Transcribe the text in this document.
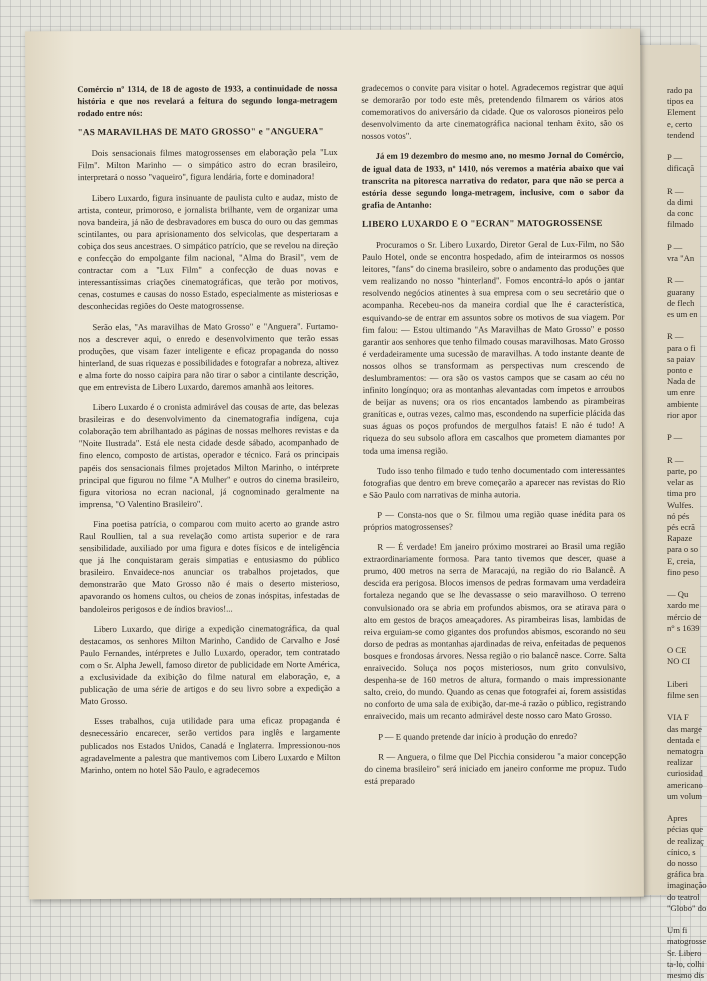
rado pa
tipos ea
Element
e, certo
tendend

P —
dificaçã

R —
da dimi
da conc
filmado

P —
vra "An

R —
guarany
de flech
es um en

R —
para o fi
sa paiav
ponto e
Nada de
um enre
ambiente
rior apor

P —

R —
parte, po
velar as
tima pro
Wulfes.
nó pés
pés ecrã
Rapaze
para o so
E, creia,
fino peso

— Qu
xardo me
mércio de
n° s 1639

O CE
NO CI

Liberi
filme sen

VIA F
das marge
dentada e
nematogra
realizar
curiosidad
americano
um volum

Apres
pécias que
de realizaç
cínico, s
do nosso
gráfica bra
imaginação
do teatrol
"Globo" do

Um fi
matogrosse
Sr. Libero
ta-lo, colhi
mesmo dis

Comércio nº 1314, de 18 de agosto de 1933, a continuidade de nossa história e que nos revelará a feitura do segundo longa-metragem rodado entre nós:

"AS MARAVILHAS DE MATO GROSSO" e "ANGUERA"

Dois sensacionais filmes matogrossenses em elaboração pela "Lux Film". Milton Marinho — o simpático astro do ecran brasileiro, interpretará o nosso "vaqueiro", figura lendária, forte e dominadora!

Libero Luxardo, figura insinuante de paulista culto e audaz, misto de artista, conteur, primoroso, e jornalista brilhante, vem de organizar uma nova bandeira, já não de desbravadores em busca do ouro ou das gemmas scintilantes, ou para aprisionamento dos selvicolas, que despertaram a cobiça dos seus ancestraes. O simpático patrício, que se revelou na direção e confecção do empolgante film nacional, "Alma do Brasil", vem de contractar com a "Lux Film" a confecção de duas novas e interessantíssimas criações cinematográficas, que terão por motivos, cenas, costumes e causas do nosso Estado, especialmente as misteriosas e desconhecidas regiões do Oeste matogrossense.

Serão elas, "As maravilhas de Mato Grosso" e "Anguera". Furtamo-nos a descrever aqui, o enredo e desenvolvimento que terão essas produções, que visam fazer inteligente e eficaz propaganda do nosso hinterland, de suas riquezas e possibilidades e fotografar a nobreza, altivez e alma forte do nosso caipira para não tirar o sabor a cintilante descrição, que em entrevista de Libero Luxardo, daremos amanhã aos leitores.

Libero Luxardo é o cronista admirável das cousas de arte, das belezas brasileiras e do desenvolvimento da cinematografia indígena, cuja colaboração tem abrilhantado as páginas de nossas melhores revistas e da "Noite Ilustrada". Está ele nesta cidade desde sábado, acompanhado de fino elenco, composto de artistas, operador e técnico. Fará os principais papéis dos sensacionais filmes projetados Milton Marinho, o intérprete principal que figurou no filme "A Mulher" e outros do cinema brasileiro, figura vitoriosa no ecran nacional, já cognominado geralmente na imprensa, "O Valentino Brasileiro".

Fina poetisa patrícia, o comparou com muito acerto ao grande astro Raul Roullien, tal a sua revelação como artista superior e de rara sensibilidade, auxiliado por uma figura e dotes físicos e de inteligência que já lhe conquistaram gerais simpatias e entusiasmo do público brasileiro. Envaidece-nos anunciar os trabalhos projetados, que demonstrarão que Mato Grosso não é mais o deserto misterioso, apavorando os homens cultos, ou cheios de zonas inóspitas, infestadas de bandoleiros perigosos e de índios bravios!...

Libero Luxardo, que dirige a expedição cinematográfica, da qual destacamos, os senhores Milton Marinho, Candido de Carvalho e José Paulo Fernandes, intérpretes e Jullo Luxardo, operador, tem contratado com o Sr. Alpha Jewell, famoso diretor de publicidade em Norte América, a exclusividade da exibição do filme natural em elaboração, e, a publicação de uma série de artigos e do seu livro sobre a expedição a Mato Grosso.

Esses trabalhos, cuja utilidade para uma eficaz propaganda é desnecessário encarecer, serão vertidos para inglês e largamente publicados nos Estados Unidos, Canadá e Inglaterra. Impressionou-nos agradavelmente a palestra que mantivemos com Libero Luxardo e Milton Marinho, ontem no hotel São Paulo, e agradecemos

gradecemos o convite para visitar o hotel. Agradecemos registrar que aqui se demorarão por todo este mês, pretendendo filmarem os vários atos comemorativos do aniversário da cidade. Que os valorosos pioneiros pelo desenvolvimento da arte cinematográfica nacional tenham êxito, são os nossos votos".

Já em 19 dezembro do mesmo ano, no mesmo Jornal do Comércio, de igual data de 1933, nº 1410, nós veremos a matéria abaixo que vai transcrita na pitoresca narrativa do redator, para que não se perca a estória desse segundo longa-metragem, inclusive, com o sabor da grafia de Antanho:

LIBERO LUXARDO E O "ECRAN" MATOGROSSENSE

Procuramos o Sr. Libero Luxardo, Diretor Geral de Lux-Film, no São Paulo Hotel, onde se encontra hospedado, afim de inteirarmos os nossos leitores, "fans" do cinema brasileiro, sobre o andamento das produções que vem realizando no nosso "hinterland". Fomos encontrá-lo após o jantar resolvendo negócios atinentes à sua empresa com o seu secretário que o acompanha. Recebeu-nos da maneira cordial que lhe é característica, esquivando-se de entrar em assuntos sobre os motivos de sua viagem. Por fim falou: — Estou ultimando "As Maravilhas de Mato Grosso" e posso garantir aos senhores que tenho filmado cousas maravilhosas. Mato Grosso é verdadeiramente uma sucessão de maravilhas. A todo instante deante de nossos olhos se transformam as perspectivas num crescendo de deslumbramentos: — ora são os vastos campos que se casam ao céu no infinito longínquo; ora as montanhas alevantadas com ímpetos e arroubos de beijar as nuvens; ora os rios encantados lambendo as pirambeiras graníticas e, outras vezes, calmo mas, escondendo na superfície plácida das suas águas os poços profundos de mergulhos fatais! E não é tudo! A riqueza do seu subsolo aflora em cascalhos que prometem diamantes por toda uma imensa região.

Tudo isso tenho filmado e tudo tenho documentado com interessantes fotografias que dentro em breve começarão a aparecer nas revistas do Rio e São Paulo com narrativas de minha autoria.

P — Consta-nos que o Sr. filmou uma região quase inédita para os próprios matogrossenses?

R — É verdade! Em janeiro próximo mostrarei ao Brasil uma região extraordinariamente formosa. Para tanto tivemos que descer, quase a prumo, 400 metros na serra de Maracajú, na região do rio Balancê. A descida era perigosa. Blocos imensos de pedras formavam uma verdadeira fortaleza negando que se lhe devassasse o seio maravilhoso. O terreno convulsionado ora se abria em profundos abismos, ora se atirava para o alto em gestos de braços ameaçadores. As pirambeiras lisas, lambidas de reiva erguiam-se como gigantes dos profundos abismos, escorando no seu dorso de pedras as montanhas ajardinadas de reiva, enfeitadas de pequenos bosques e frondosas árvores. Nessa região o rio balancê nasce. Corre. Salta enraivecido. Soluça nos poços misteriosos, num grito convulsivo, despenha-se de 160 metros de altura, formando o mais impressionante salto, creio, do mundo. Quando as cenas que fotografei aí, forem assistidas no conforto de uma sala de exibição, dar-me-á razão o público, registrando enraivecido, mais um recanto admirável deste nosso caro Mato Grosso.

P — E quando pretende dar início à produção do enredo?

R — Anguera, o filme que Del Picchia considerou "a maior concepção do cinema brasileiro" será iniciado em janeiro conforme me propuz. Tudo está preparado
